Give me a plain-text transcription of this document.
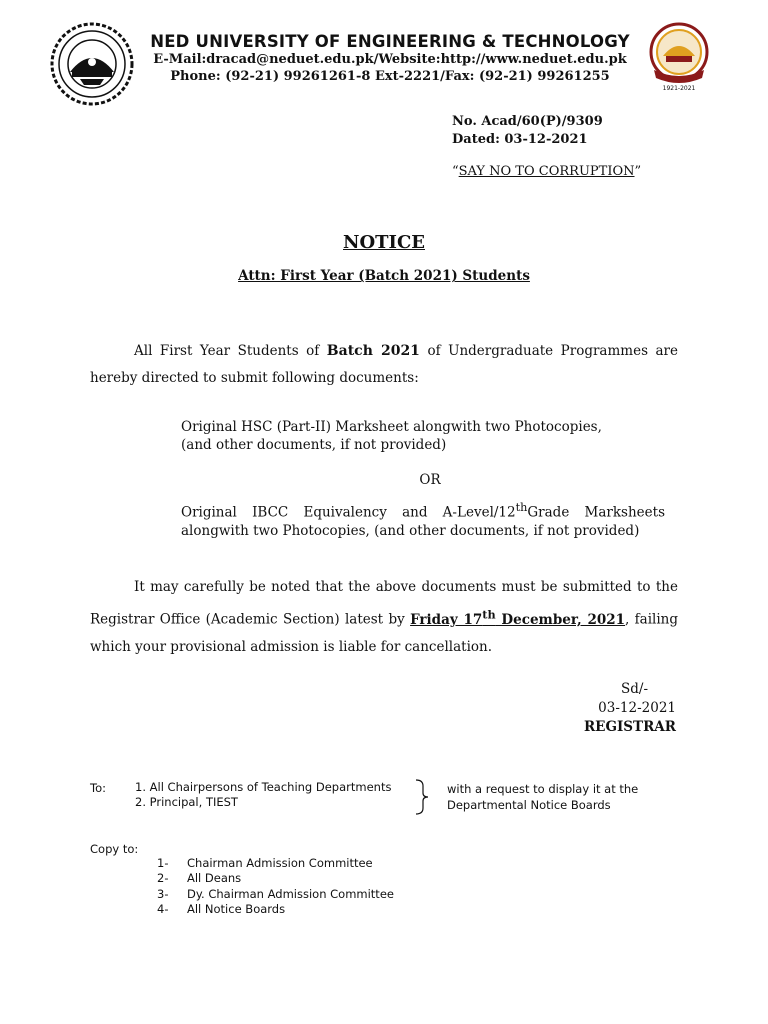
NED UNIVERSITY OF ENGINEERING & TECHNOLOGY
E-Mail:dracad@neduet.edu.pk/Website:http://www.neduet.edu.pk
Phone: (92-21) 99261261-8 Ext-2221/Fax: (92-21) 99261255
1921-2021
No. Acad/60(P)/9309
Dated: 03-12-2021
“SAY NO TO CORRUPTION”
NOTICE
Attn: First Year (Batch 2021) Students
All First Year Students of Batch 2021 of Undergraduate Programmes are hereby directed to submit following documents:
Original HSC (Part-II) Marksheet alongwith two Photocopies,
(and other documents, if not provided)
OR
Original IBCC Equivalency and A-Level/12thGrade Marksheets alongwith two Photocopies, (and other documents, if not provided)
It may carefully be noted that the above documents must be submitted to the Registrar Office (Academic Section) latest by Friday 17th December, 2021, failing which your provisional admission is liable for cancellation.
Sd/-
03-12-2021
REGISTRAR
To:	1. All Chairpersons of Teaching Departments
2. Principal, TIEST
with a request to display it at the
Departmental Notice Boards
Copy to:
1- Chairman Admission Committee
2- All Deans
3- Dy. Chairman Admission Committee
4- All Notice Boards
